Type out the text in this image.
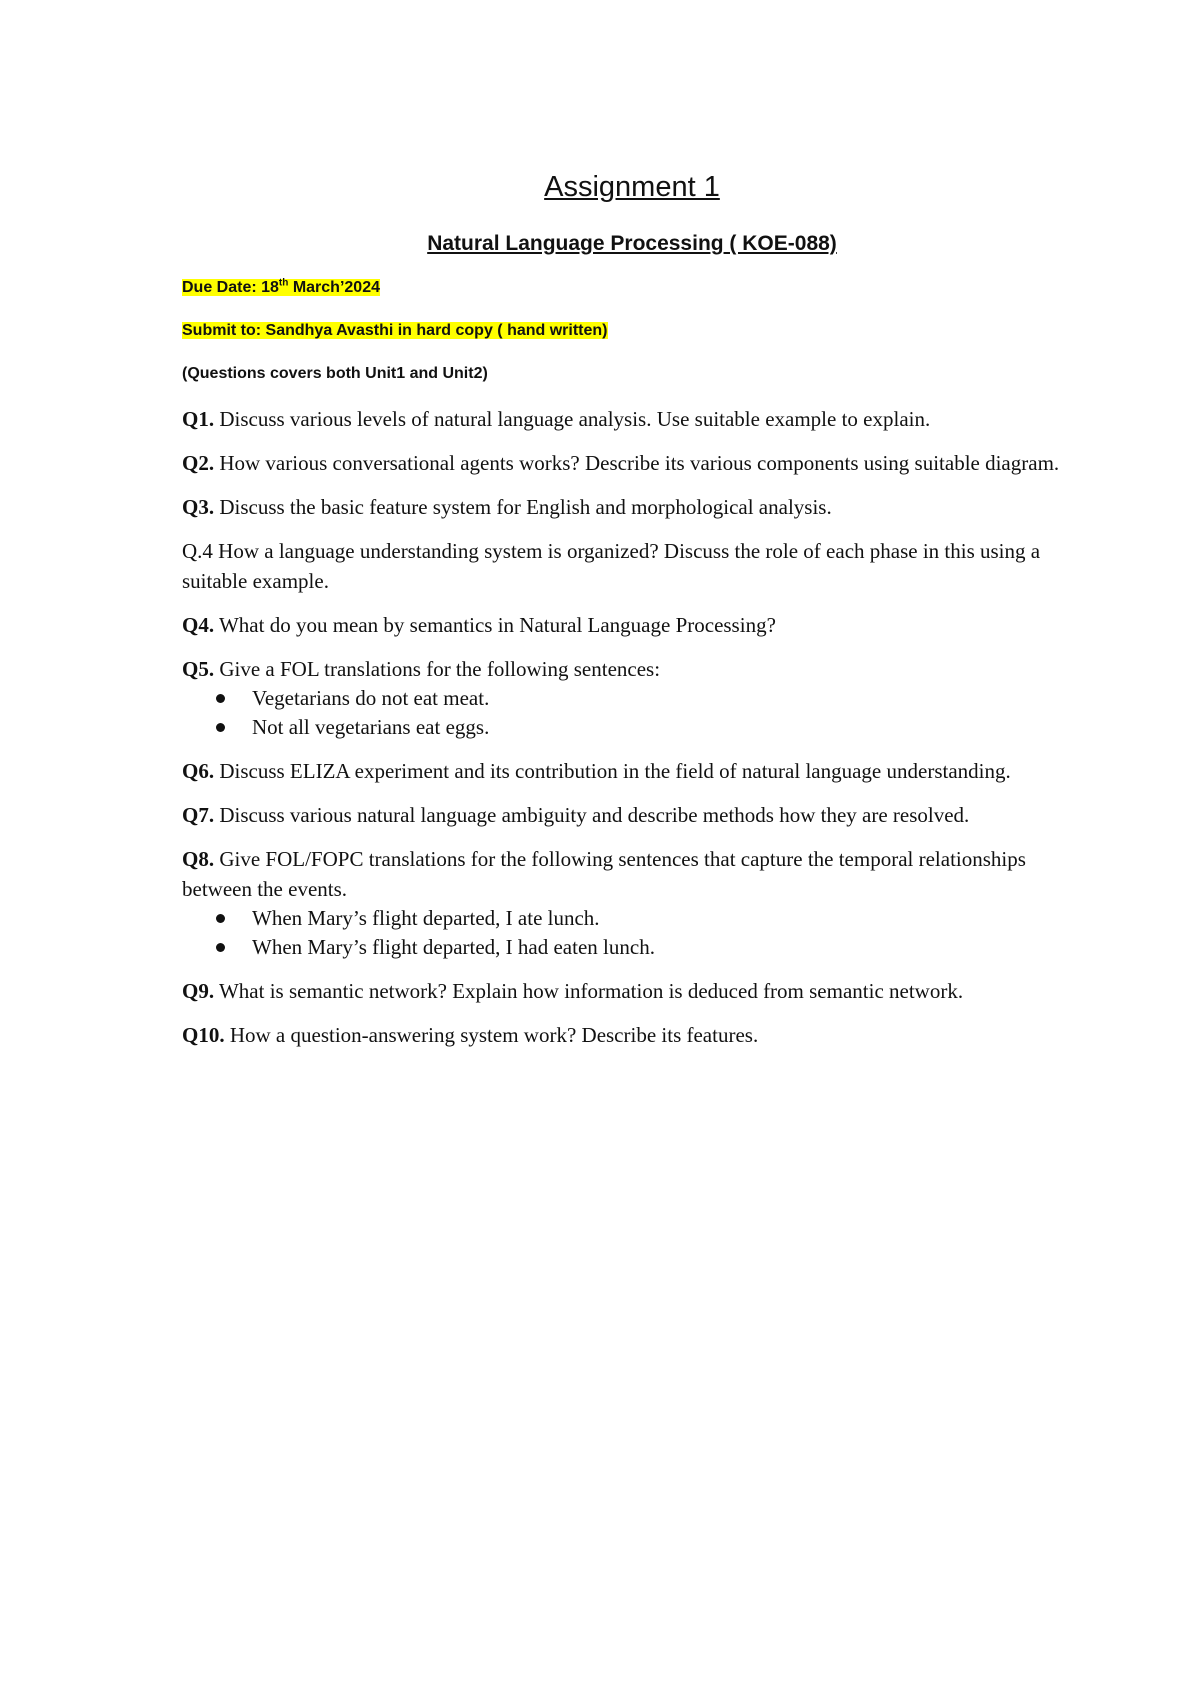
Assignment 1
Natural Language Processing ( KOE-088)
Due Date: 18th March’2024
Submit to: Sandhya Avasthi in hard copy ( hand written)
(Questions covers both Unit1 and Unit2)

Q1. Discuss various levels of natural language analysis. Use suitable example to explain.

Q2. How various conversational agents works? Describe its various components using suitable diagram.

Q3. Discuss the basic feature system for English and morphological analysis.

Q.4 How a language understanding system is organized? Discuss the role of each phase in this using a suitable example.

Q4. What do you mean by semantics in Natural Language Processing?

Q5. Give a FOL translations for the following sentences:
Vegetarians do not eat meat.
Not all vegetarians eat eggs.

Q6. Discuss ELIZA experiment and its contribution in the field of natural language understanding.

Q7. Discuss various natural language ambiguity and describe methods how they are resolved.

Q8. Give FOL/FOPC translations for the following sentences that capture the temporal relationships between the events.
When Mary’s flight departed, I ate lunch.
When Mary’s flight departed, I had eaten lunch.

Q9. What is semantic network? Explain how information is deduced from semantic network.

Q10. How a question-answering system work? Describe its features.
